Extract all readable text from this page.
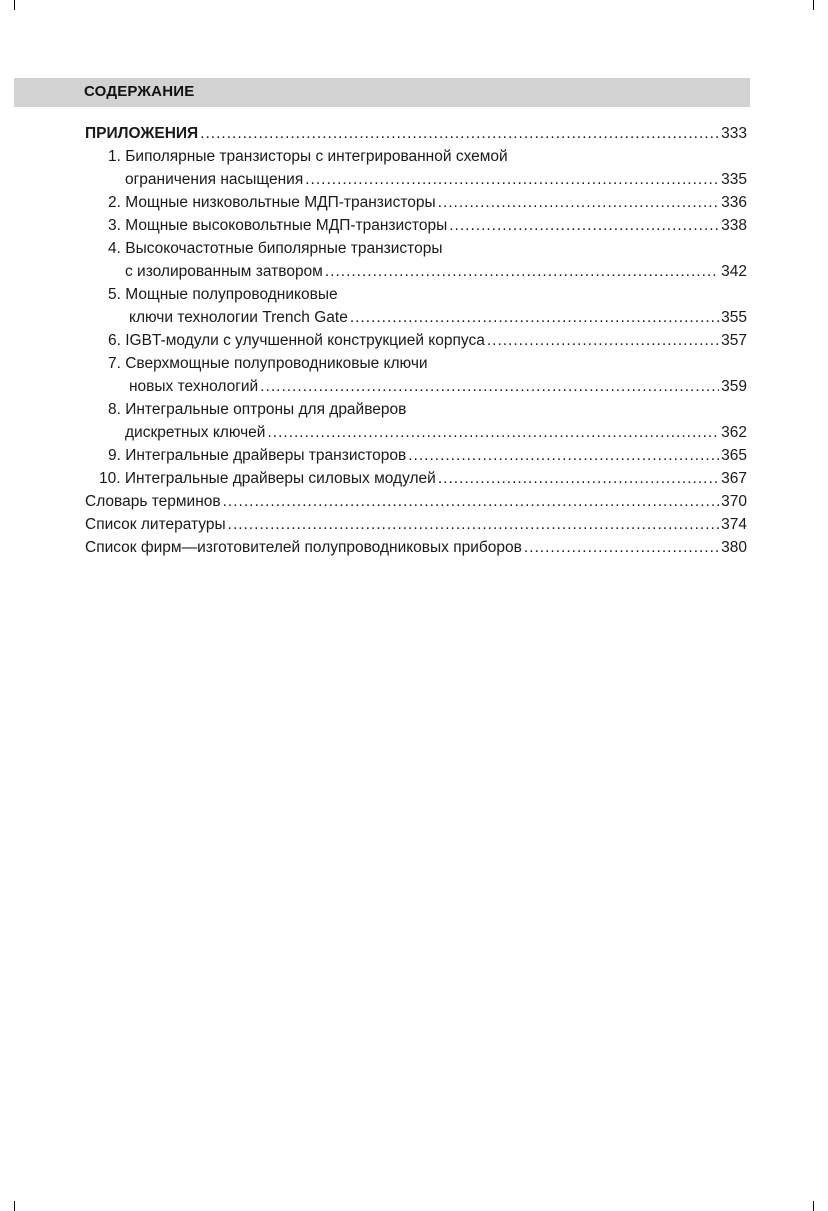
СОДЕРЖАНИЕ
ПРИЛОЖЕНИЯ .....	333
1. Биполярные транзисторы с интегрированной схемой
ограничения насыщения .....	335
2. Мощные низковольтные МДП-транзисторы .....	336
3. Мощные высоковольтные МДП-транзисторы .....	338
4. Высокочастотные биполярные транзисторы
с изолированным затвором .....	342
5. Мощные полупроводниковые
ключи технологии Trench Gate .....	355
6. IGBT-модули с улучшенной конструкцией корпуса .....	357
7. Сверхмощные полупроводниковые ключи
новых технологий .....	359
8. Интегральные оптроны для драйверов
дискретных ключей .....	362
9. Интегральные драйверы транзисторов .....	365
10. Интегральные драйверы силовых модулей .....	367
Словарь терминов .....	370
Список литературы .....	374
Список фирм—изготовителей полупроводниковых приборов .....	380
